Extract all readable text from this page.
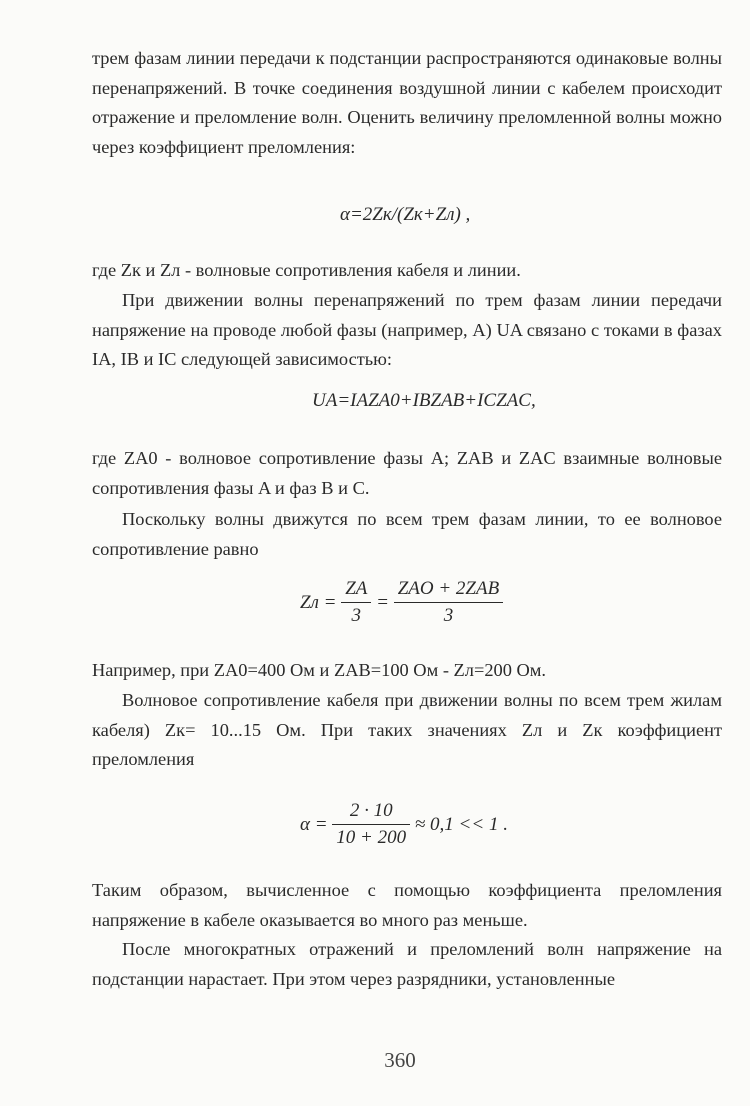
трем фазам линии передачи к подстанции распространяются одинаковые волны перенапряжений. В точке соединения воздушной линии с кабелем происходит отражение и преломление волн. Оценить величину преломленной волны можно через коэффициент преломления:

α=2Zк/(Zк+Zл) ,

где Zк и Zл - волновые сопротивления кабеля и линии.

При движении волны перенапряжений по трем фазам линии передачи напряжение на проводе любой фазы (например, A) UA связано с токами в фазах IA, IB и IC следующей зависимостью:

UA=IAZA0+IBZAB+ICZAC,

где ZA0 - волновое сопротивление фазы А; ZAB и ZAC взаимные волновые сопротивления фазы A и фаз B и C.

Поскольку волны движутся по всем трем фазам линии, то ее волновое сопротивление равно

Zл = $\frac{ZA}{3} = \frac{\text{ZAO + 2ZAB}}{3}$

Например, при ZA0=400 Ом и ZAB=100 Ом - Zл=200 Ом.

Волновое сопротивление кабеля при движении волны по всем трем жилам кабеля) Zк= 10...15 Ом. При таких значениях Zл и Zк коэффициент преломления

$\alpha = \frac{2 \cdot 10}{10 + 200} \approx 0,1 << 1$ .

Таким образом, вычисленное с помощью коэффициента преломления напряжение в кабеле оказывается во много раз меньше.

После многократных отражений и преломлений волн напряжение на подстанции нарастает. При этом через разрядники, установленные

360
